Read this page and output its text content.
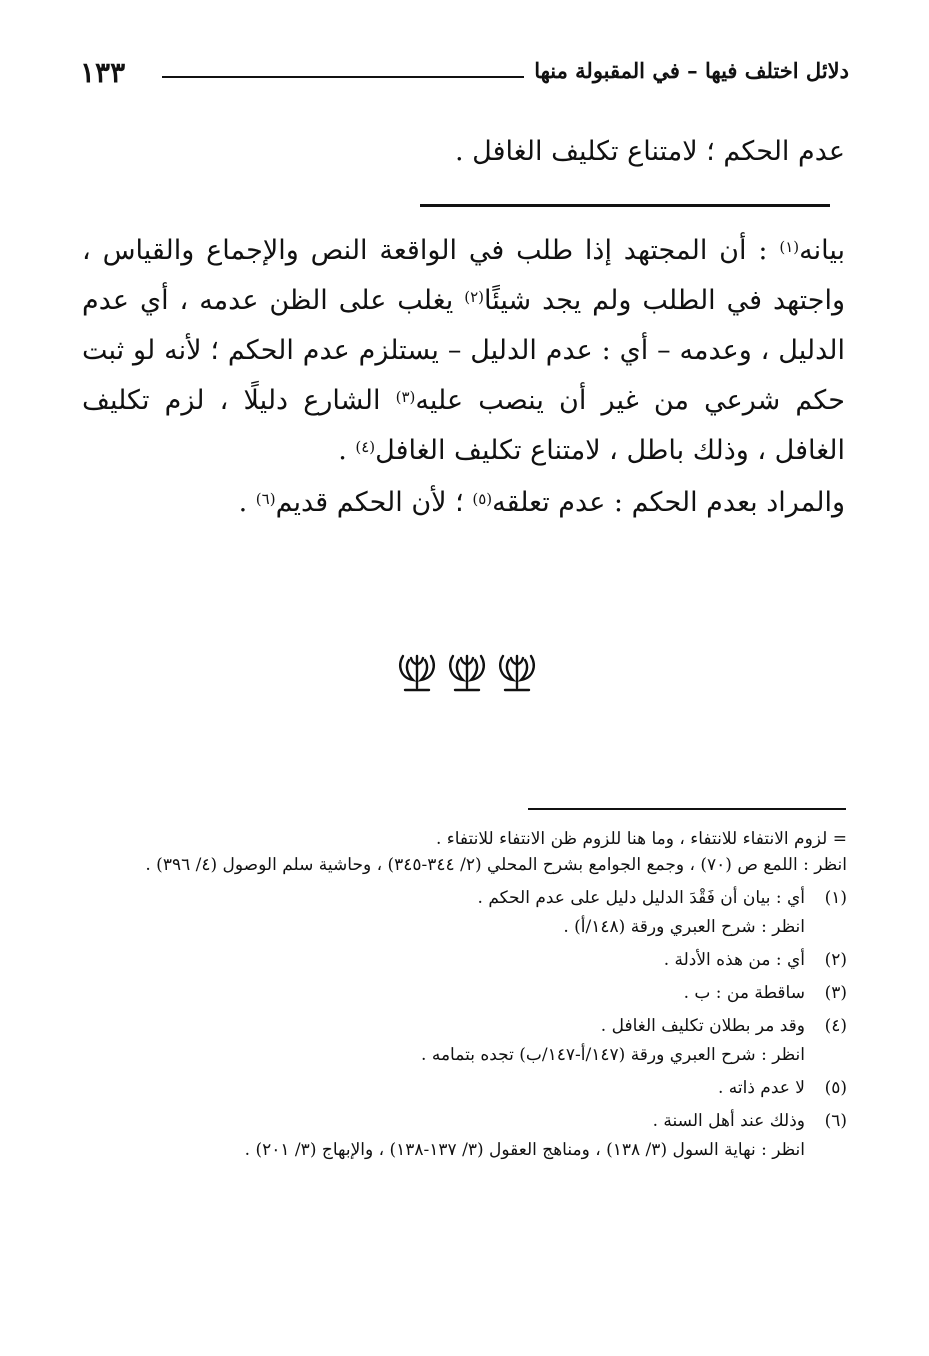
دلائل اختلف فيها – في المقبولة منها
١٣٣
عدم الحكم ؛ لامتناع تكليف الغافل .
بيانه$^{(١)}$ : أن المجتهد إذا طلب في الواقعة النص والإجماع والقياس ، واجتهد في الطلب ولم يجد شيئًا$^{(٢)}$ يغلب على الظن عدمه ، أي عدم الدليل ، وعدمه – أي : عدم الدليل – يستلزم عدم الحكم ؛ لأنه لو ثبت حكم شرعي من غير أن ينصب عليه$^{(٣)}$ الشارع دليلًا ، لزم تكليف الغافل ، وذلك باطل ، لامتناع تكليف الغافل$^{(٤)}$ .
والمراد بعدم الحكم : عدم تعلقه$^{(٥)}$ ؛ لأن الحكم قديم$^{(٦)}$ .
= لزوم الانتفاء للانتفاء ، وما هنا للزوم ظن الانتفاء للانتفاء .
انظر : اللمع ص (٧٠) ، وجمع الجوامع بشرح المحلي (٢/ ٣٤٤-٣٤٥) ، وحاشية سلم الوصول (٤/ ٣٩٦) .
(١)
أي : بيان أن فَقْدَ الدليل دليل على عدم الحكم .
انظر : شرح العبري ورقة (١٤٨/أ) .
(٢)
أي : من هذه الأدلة .
(٣)
ساقطة من : ب .
(٤)
وقد مر بطلان تكليف الغافل .
انظر : شرح العبري ورقة (١٤٧/أ-١٤٧/ب) تجده بتمامه .
(٥)
لا عدم ذاته .
(٦)
وذلك عند أهل السنة .
انظر : نهاية السول (٣/ ١٣٨) ، ومناهج العقول (٣/ ١٣٧-١٣٨) ، والإبهاج (٣/ ٢٠١) .
